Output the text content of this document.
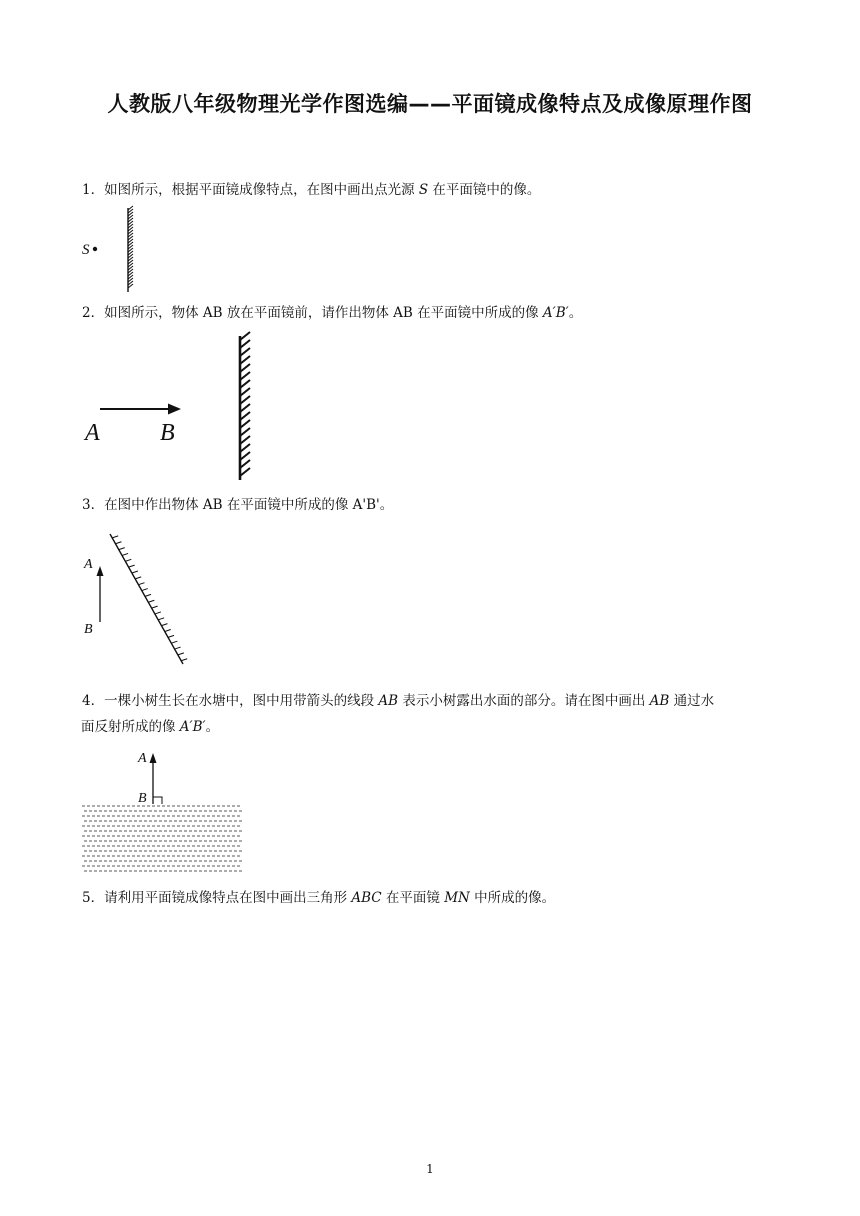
人教版八年级物理光学作图选编——平面镜成像特点及成像原理作图
1．如图所示，根据平面镜成像特点，在图中画出点光源 S 在平面镜中的像。
S
2．如图所示，物体 AB 放在平面镜前，请作出物体 AB 在平面镜中所成的像 A′B′。
A	B
3．在图中作出物体 AB 在平面镜中所成的像 A'B'。
A
B
4．一棵小树生长在水塘中，图中用带箭头的线段 AB 表示小树露出水面的部分。请在图中画出 AB 通过水
面反射所成的像 A′B′。
A
B
5．请利用平面镜成像特点在图中画出三角形 ABC 在平面镜 MN 中所成的像。
1
